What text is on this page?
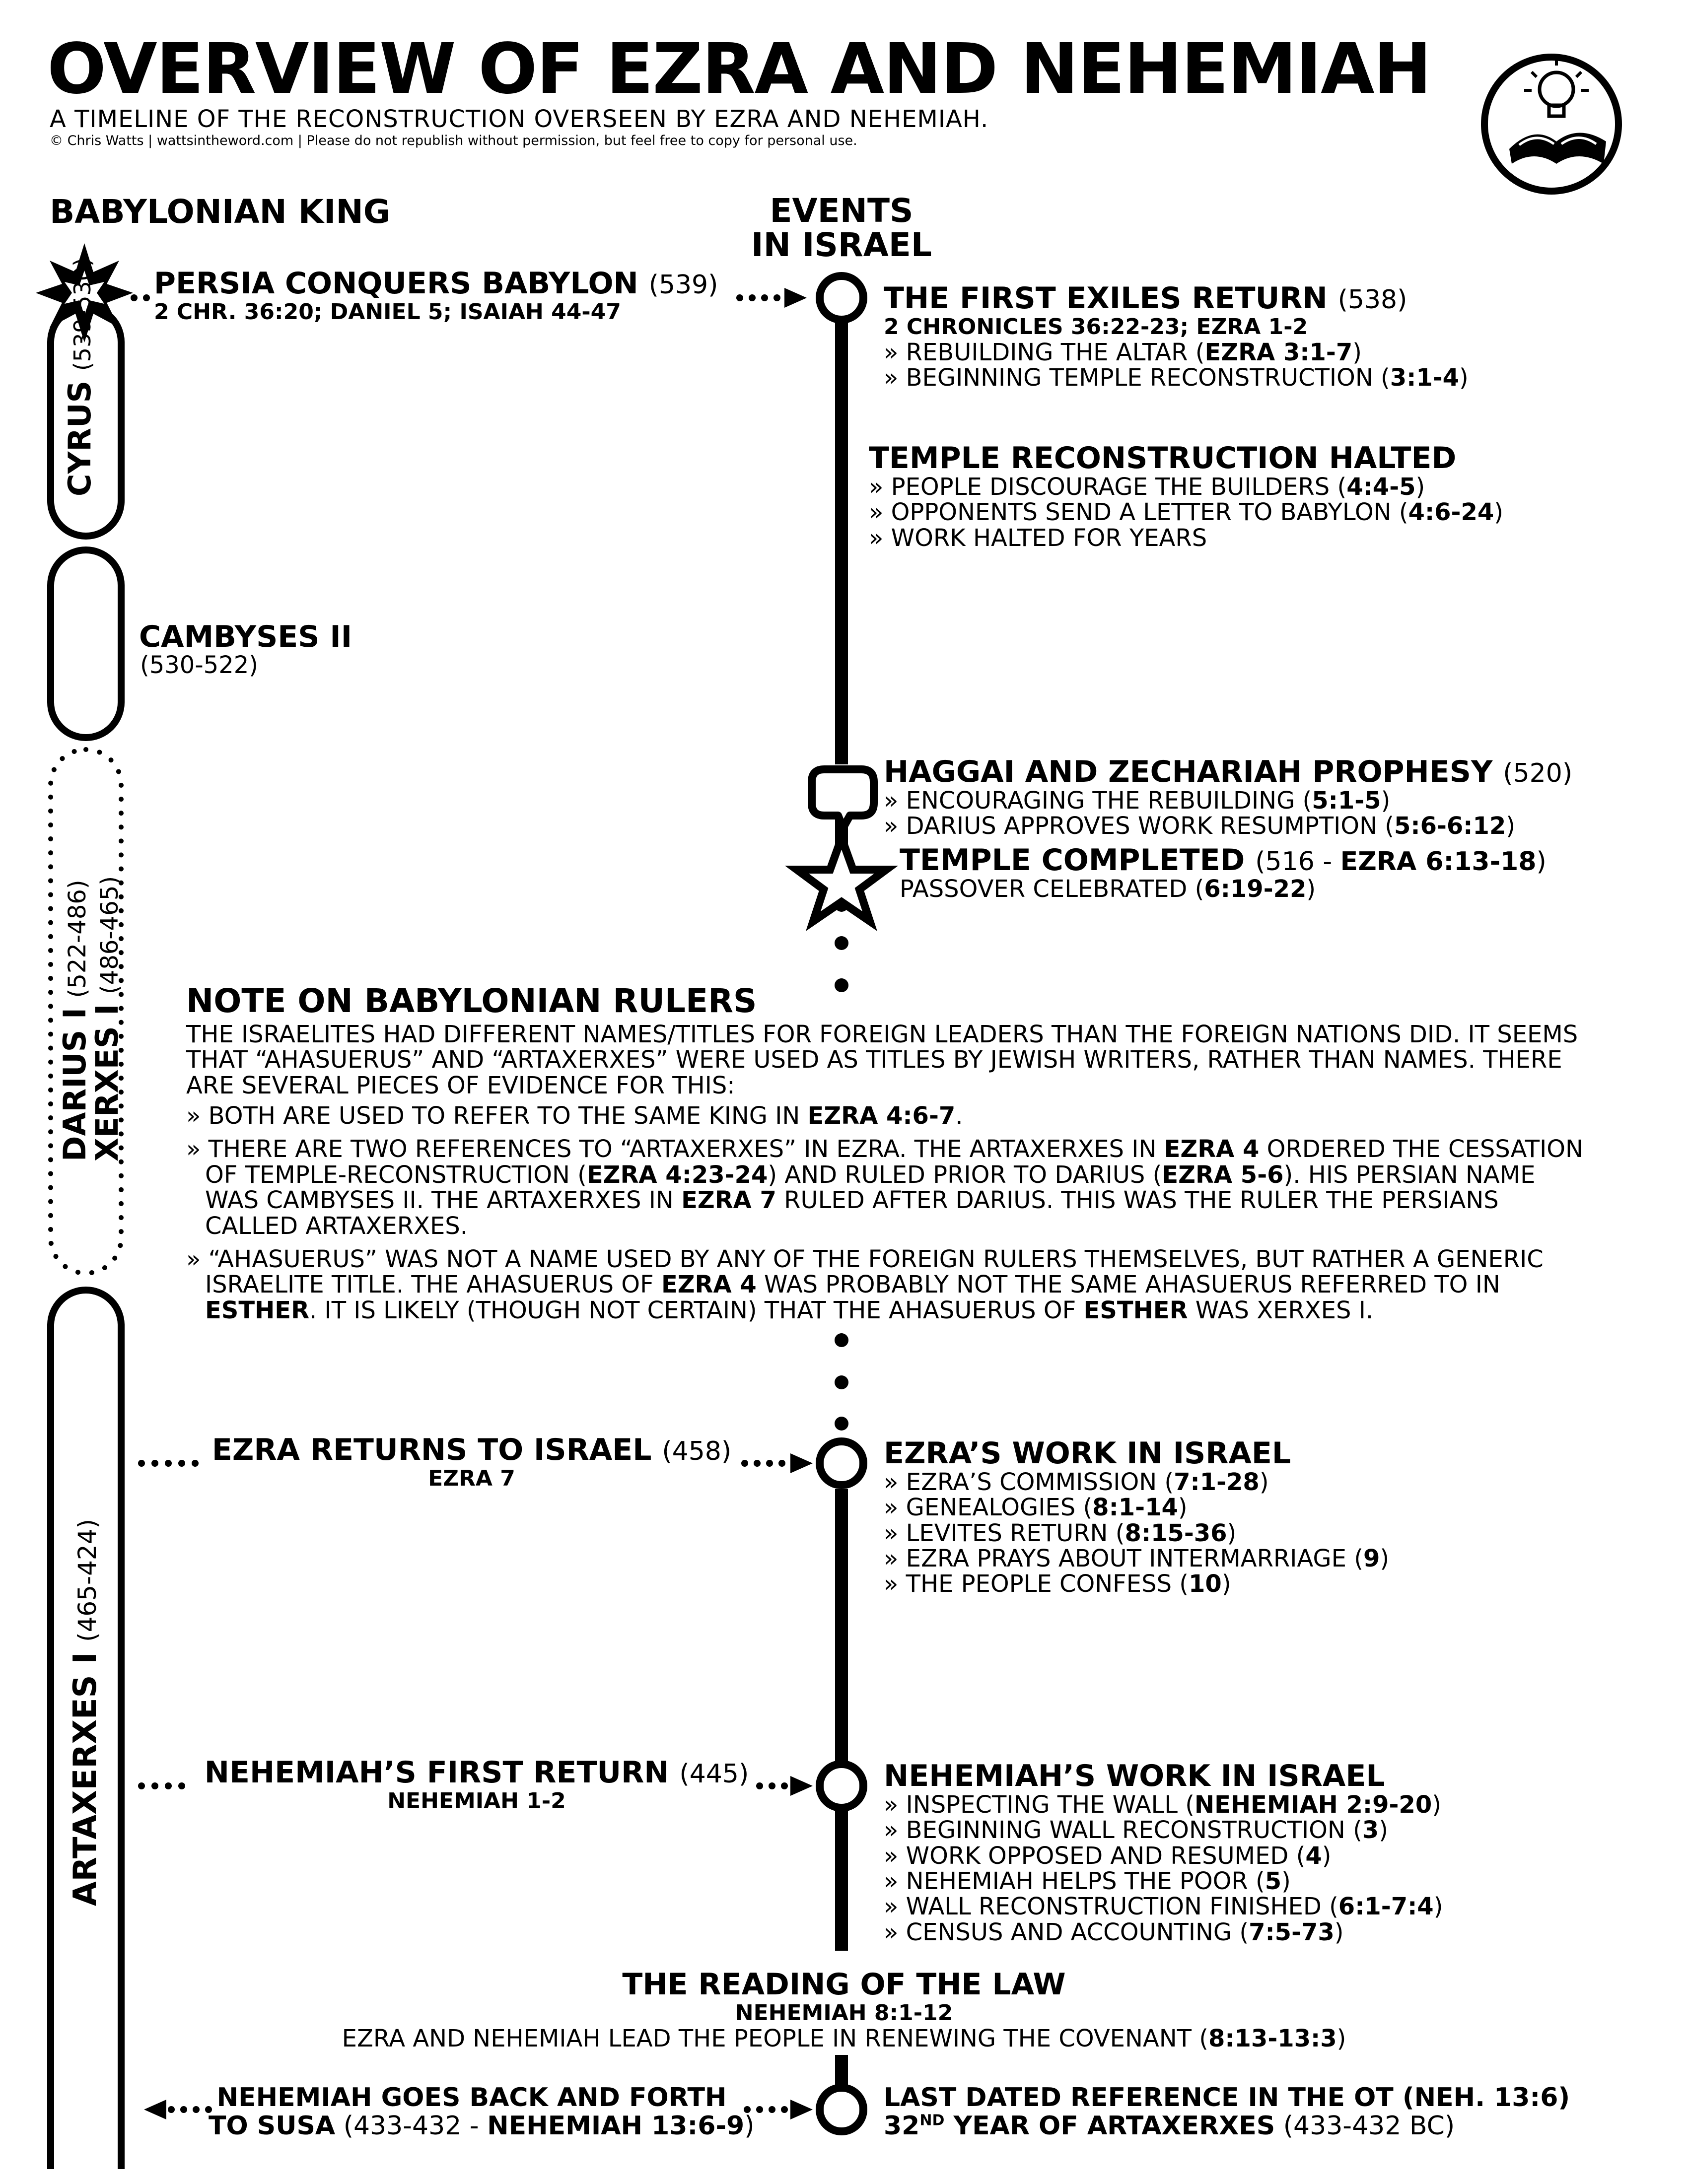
OVERVIEW OF EZRA AND NEHEMIAH
A TIMELINE OF THE RECONSTRUCTION OVERSEEN BY EZRA AND NEHEMIAH.
© Chris Watts | wattsintheword.com | Please do not republish without permission, but feel free to copy for personal use.
BABYLONIAN KING	EVENTS
IN ISRAEL
CYRUS (539-530)
CAMBYSES II
(530-522)
DARIUS I (522-486)
XERXES I (486-465)
ARTAXERXES I (465-424)
PERSIA CONQUERS BABYLON (539)
2 CHR. 36:20; DANIEL 5; ISAIAH 44-47
EZRA RETURNS TO ISRAEL (458)
EZRA 7
NEHEMIAH’S FIRST RETURN (445)
NEHEMIAH 1-2
NEHEMIAH GOES BACK AND FORTH
TO SUSA (433-432 - NEHEMIAH 13:6-9)
THE FIRST EXILES RETURN (538)
2 CHRONICLES 36:22-23; EZRA 1-2
» REBUILDING THE ALTAR (EZRA 3:1-7)
» BEGINNING TEMPLE RECONSTRUCTION (3:1-4)
TEMPLE RECONSTRUCTION HALTED
» PEOPLE DISCOURAGE THE BUILDERS (4:4-5)
» OPPONENTS SEND A LETTER TO BABYLON (4:6-24)
» WORK HALTED FOR YEARS
HAGGAI AND ZECHARIAH PROPHESY (520)
» ENCOURAGING THE REBUILDING (5:1-5)
» DARIUS APPROVES WORK RESUMPTION (5:6-6:12)
TEMPLE COMPLETED (516 - EZRA 6:13-18)
PASSOVER CELEBRATED (6:19-22)
NOTE ON BABYLONIAN RULERS
THE ISRAELITES HAD DIFFERENT NAMES/TITLES FOR FOREIGN LEADERS THAN THE FOREIGN NATIONS DID. IT SEEMS THAT “AHASUERUS” AND “ARTAXERXES” WERE USED AS TITLES BY JEWISH WRITERS, RATHER THAN NAMES. THERE ARE SEVERAL PIECES OF EVIDENCE FOR THIS:
» BOTH ARE USED TO REFER TO THE SAME KING IN EZRA 4:6-7.
» THERE ARE TWO REFERENCES TO “ARTAXERXES” IN EZRA. THE ARTAXERXES IN EZRA 4 ORDERED THE CESSATION OF TEMPLE-RECONSTRUCTION (EZRA 4:23-24) AND RULED PRIOR TO DARIUS (EZRA 5-6). HIS PERSIAN NAME WAS CAMBYSES II. THE ARTAXERXES IN EZRA 7 RULED AFTER DARIUS. THIS WAS THE RULER THE PERSIANS CALLED ARTAXERXES.
» “AHASUERUS” WAS NOT A NAME USED BY ANY OF THE FOREIGN RULERS THEMSELVES, BUT RATHER A GENERIC ISRAELITE TITLE. THE AHASUERUS OF EZRA 4 WAS PROBABLY NOT THE SAME AHASUERUS REFERRED TO IN ESTHER. IT IS LIKELY (THOUGH NOT CERTAIN) THAT THE AHASUERUS OF ESTHER WAS XERXES I.
EZRA’S WORK IN ISRAEL
» EZRA’S COMMISSION (7:1-28)
» GENEALOGIES (8:1-14)
» LEVITES RETURN (8:15-36)
» EZRA PRAYS ABOUT INTERMARRIAGE (9)
» THE PEOPLE CONFESS (10)
NEHEMIAH’S WORK IN ISRAEL
» INSPECTING THE WALL (NEHEMIAH 2:9-20)
» BEGINNING WALL RECONSTRUCTION (3)
» WORK OPPOSED AND RESUMED (4)
» NEHEMIAH HELPS THE POOR (5)
» WALL RECONSTRUCTION FINISHED (6:1-7:4)
» CENSUS AND ACCOUNTING (7:5-73)
THE READING OF THE LAW
NEHEMIAH 8:1-12
EZRA AND NEHEMIAH LEAD THE PEOPLE IN RENEWING THE COVENANT (8:13-13:3)
LAST DATED REFERENCE IN THE OT (NEH. 13:6)
32ND YEAR OF ARTAXERXES (433-432 BC)
